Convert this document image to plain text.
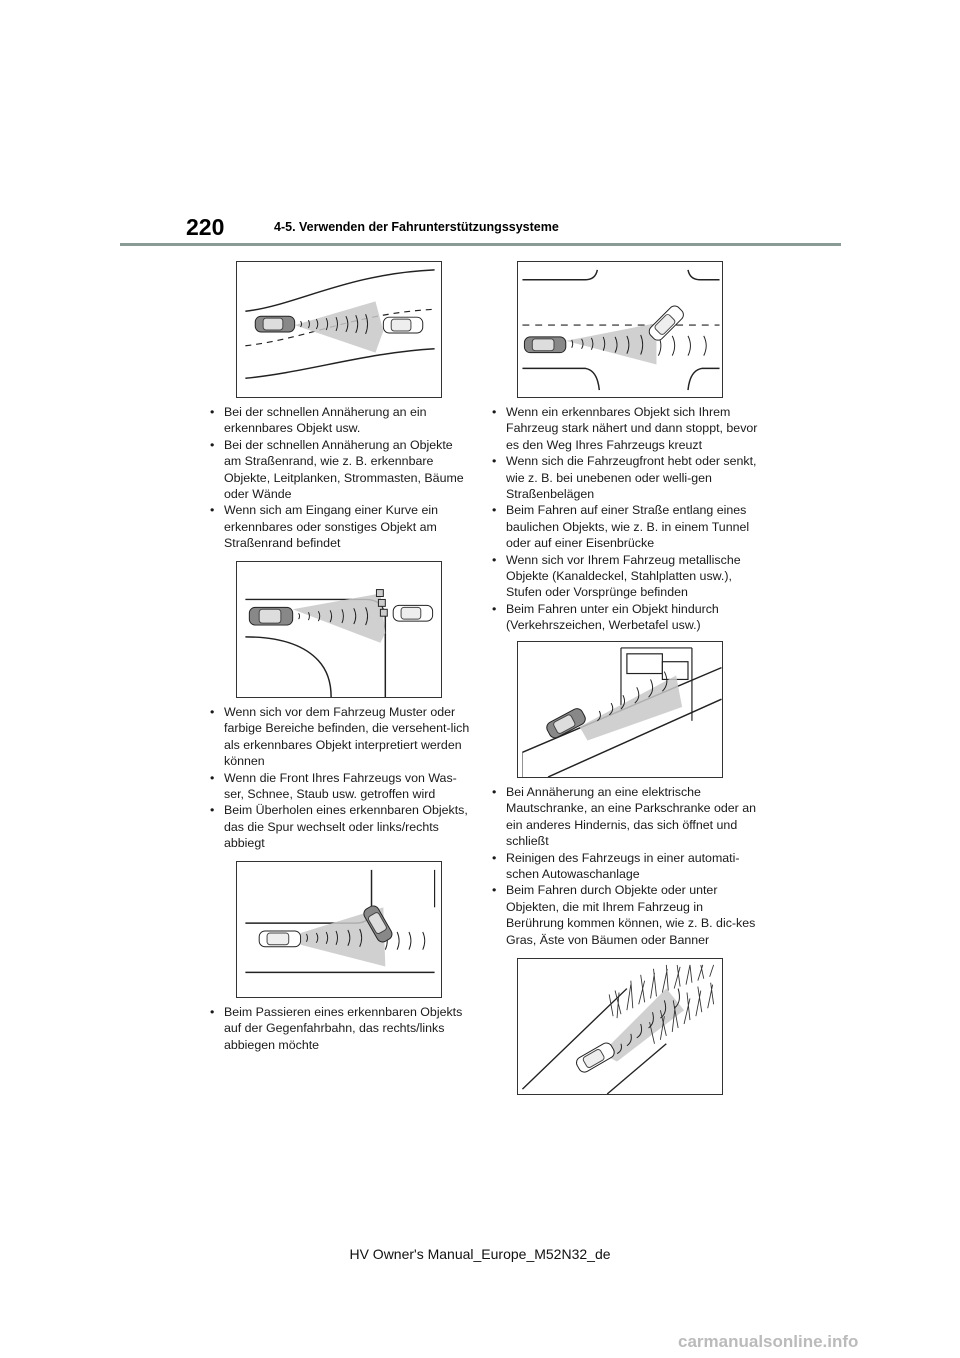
220	4-5. Verwenden der Fahrunterstützungssysteme
• Bei der schnellen Annäherung an ein erkennbares Objekt usw.
• Bei der schnellen Annäherung an Objekte am Straßenrand, wie z. B. erkennbare Objekte, Leitplanken, Strommasten, Bäume oder Wände
• Wenn sich am Eingang einer Kurve ein erkennbares oder sonstiges Objekt am Straßenrand befindet
• Wenn sich vor dem Fahrzeug Muster oder farbige Bereiche befinden, die versehent-lich als erkennbares Objekt interpretiert werden können
• Wenn die Front Ihres Fahrzeugs von Was-ser, Schnee, Staub usw. getroffen wird
• Beim Überholen eines erkennbaren Objekts, das die Spur wechselt oder links/rechts abbiegt
• Beim Passieren eines erkennbaren Objekts auf der Gegenfahrbahn, das rechts/links abbiegen möchte
• Wenn ein erkennbares Objekt sich Ihrem Fahrzeug stark nähert und dann stoppt, bevor es den Weg Ihres Fahrzeugs kreuzt
• Wenn sich die Fahrzeugfront hebt oder senkt, wie z. B. bei unebenen oder welli-gen Straßenbelägen
• Beim Fahren auf einer Straße entlang eines baulichen Objekts, wie z. B. in einem Tunnel oder auf einer Eisenbrücke
• Wenn sich vor Ihrem Fahrzeug metallische Objekte (Kanaldeckel, Stahlplatten usw.), Stufen oder Vorsprünge befinden
• Beim Fahren unter ein Objekt hindurch (Verkehrszeichen, Werbetafel usw.)
• Bei Annäherung an eine elektrische Mautschranke, an eine Parkschranke oder an ein anderes Hindernis, das sich öffnet und schließt
• Reinigen des Fahrzeugs in einer automati-schen Autowaschanlage
• Beim Fahren durch Objekte oder unter Objekten, die mit Ihrem Fahrzeug in Berührung kommen können, wie z. B. dic-kes Gras, Äste von Bäumen oder Banner
HV Owner's Manual_Europe_M52N32_de
carmanualsonline.info
